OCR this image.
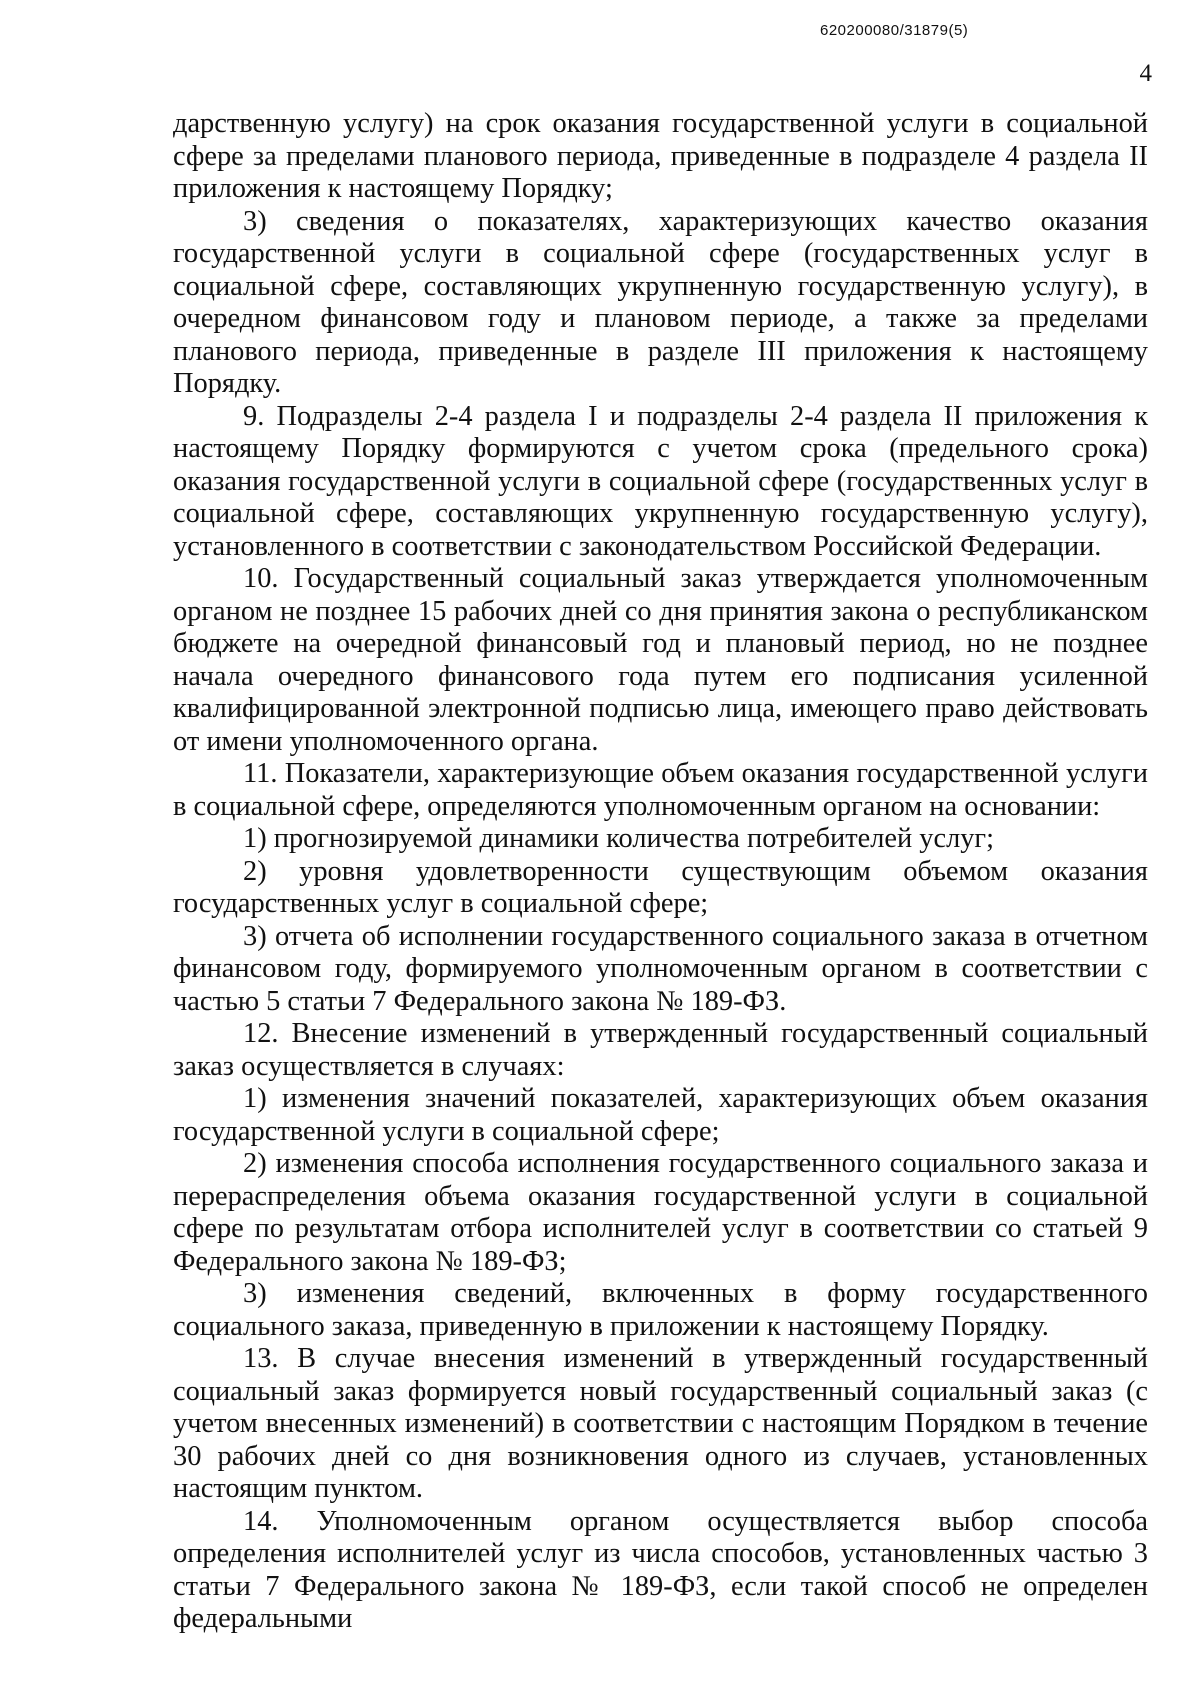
620200080/31879(5)
4

дарственную услугу) на срок оказания государственной услуги в социальной сфере за пределами планового периода, приведенные в подразделе 4 раздела II приложения к настоящему Порядку;

3) сведения о показателях, характеризующих качество оказания государственной услуги в социальной сфере (государственных услуг в социальной сфере, составляющих укрупненную государственную услугу), в очередном финансовом году и плановом периоде, а также за пределами планового периода, приведенные в разделе III приложения к настоящему Порядку.

9. Подразделы 2-4 раздела I и подразделы 2-4 раздела II приложения к настоящему Порядку формируются с учетом срока (предельного срока) оказания государственной услуги в социальной сфере (государственных услуг в социальной сфере, составляющих укрупненную государственную услугу), установленного в соответствии с законодательством Российской Федерации.

10. Государственный социальный заказ утверждается уполномоченным органом не позднее 15 рабочих дней со дня принятия закона о республиканском бюджете на очередной финансовый год и плановый период, но не позднее начала очередного финансового года путем его подписания усиленной квалифицированной электронной подписью лица, имеющего право действовать от имени уполномоченного органа.

11. Показатели, характеризующие объем оказания государственной услуги в социальной сфере, определяются уполномоченным органом на основании:

1) прогнозируемой динамики количества потребителей услуг;

2) уровня удовлетворенности существующим объемом оказания государственных услуг в социальной сфере;

3) отчета об исполнении государственного социального заказа в отчетном финансовом году, формируемого уполномоченным органом в соответствии с частью 5 статьи 7 Федерального закона № 189-ФЗ.

12. Внесение изменений в утвержденный государственный социальный заказ осуществляется в случаях:

1) изменения значений показателей, характеризующих объем оказания государственной услуги в социальной сфере;

2) изменения способа исполнения государственного социального заказа и перераспределения объема оказания государственной услуги в социальной сфере по результатам отбора исполнителей услуг в соответствии со статьей 9 Федерального закона № 189-ФЗ;

3) изменения сведений, включенных в форму государственного социального заказа, приведенную в приложении к настоящему Порядку.

13. В случае внесения изменений в утвержденный государственный социальный заказ формируется новый государственный социальный заказ (с учетом внесенных изменений) в соответствии с настоящим Порядком в течение 30 рабочих дней со дня возникновения одного из случаев, установленных настоящим пунктом.

14. Уполномоченным органом осуществляется выбор способа определения исполнителей услуг из числа способов, установленных частью 3 статьи 7 Федерального закона № 189-ФЗ, если такой способ не определен федеральными
